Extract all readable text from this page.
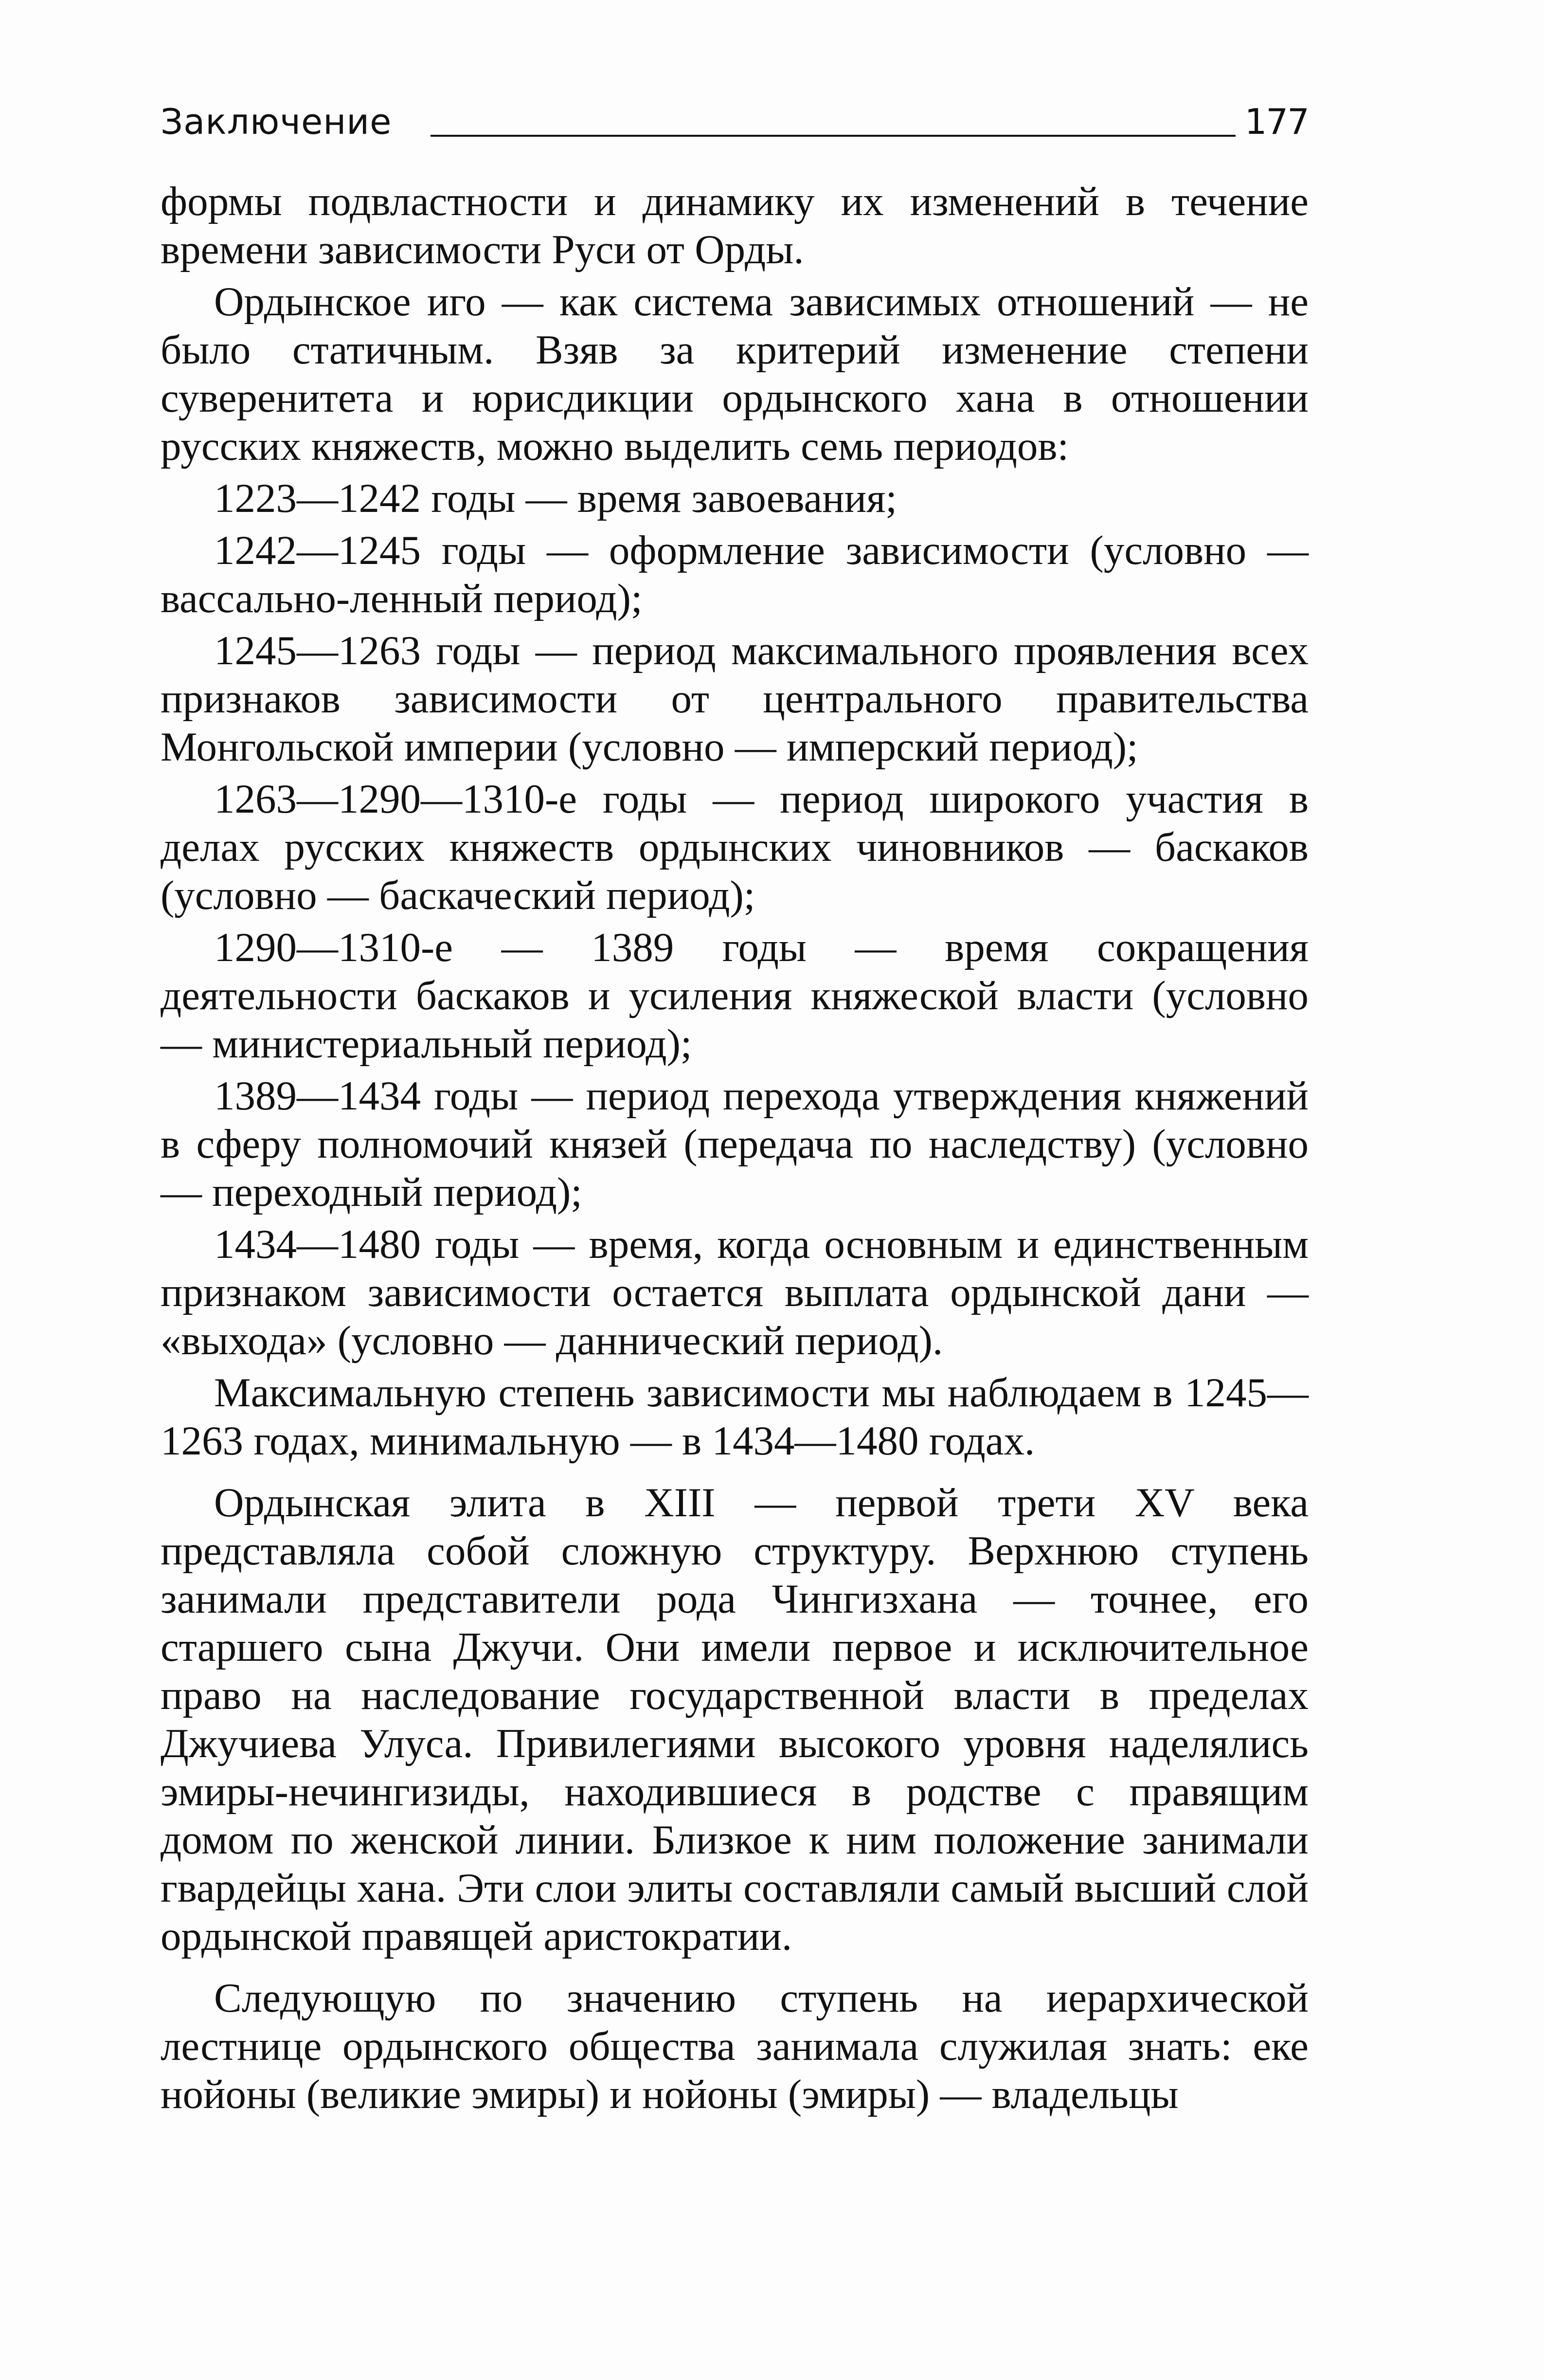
Заключение	177

формы подвластности и динамику их изменений в течение времени зависимости Руси от Орды.

Ордынское иго — как система зависимых отношений — не было статичным. Взяв за критерий изменение степени суверенитета и юрисдикции ордынского хана в отношении русских княжеств, можно выделить семь периодов:

1223—1242 годы — время завоевания;

1242—1245 годы — оформление зависимости (условно — вассально-ленный период);

1245—1263 годы — период максимального проявления всех признаков зависимости от центрального правительства Монгольской империи (условно — имперский период);

1263—1290—1310-е годы — период широкого участия в делах русских княжеств ордынских чиновников — баскаков (условно — баскаческий период);

1290—1310-е — 1389 годы — время сокращения деятельности баскаков и усиления княжеской власти (условно — министериальный период);

1389—1434 годы — период перехода утверждения княжений в сферу полномочий князей (передача по наследству) (условно — переходный период);

1434—1480 годы — время, когда основным и единственным признаком зависимости остается выплата ордынской дани — «выхода» (условно — даннический период).

Максимальную степень зависимости мы наблюдаем в 1245—1263 годах, минимальную — в 1434—1480 годах.

Ордынская элита в XIII — первой трети XV века представляла собой сложную структуру. Верхнюю ступень занимали представители рода Чингизхана — точнее, его старшего сына Джучи. Они имели первое и исключительное право на наследование государственной власти в пределах Джучиева Улуса. Привилегиями высокого уровня наделялись эмиры-нечингизиды, находившиеся в родстве с правящим домом по женской линии. Близкое к ним положение занимали гвардейцы хана. Эти слои элиты составляли самый высший слой ордынской правящей аристократии.

Следующую по значению ступень на иерархической лестнице ордынского общества занимала служилая знать: еке нойоны (великие эмиры) и нойоны (эмиры) — владельцы
